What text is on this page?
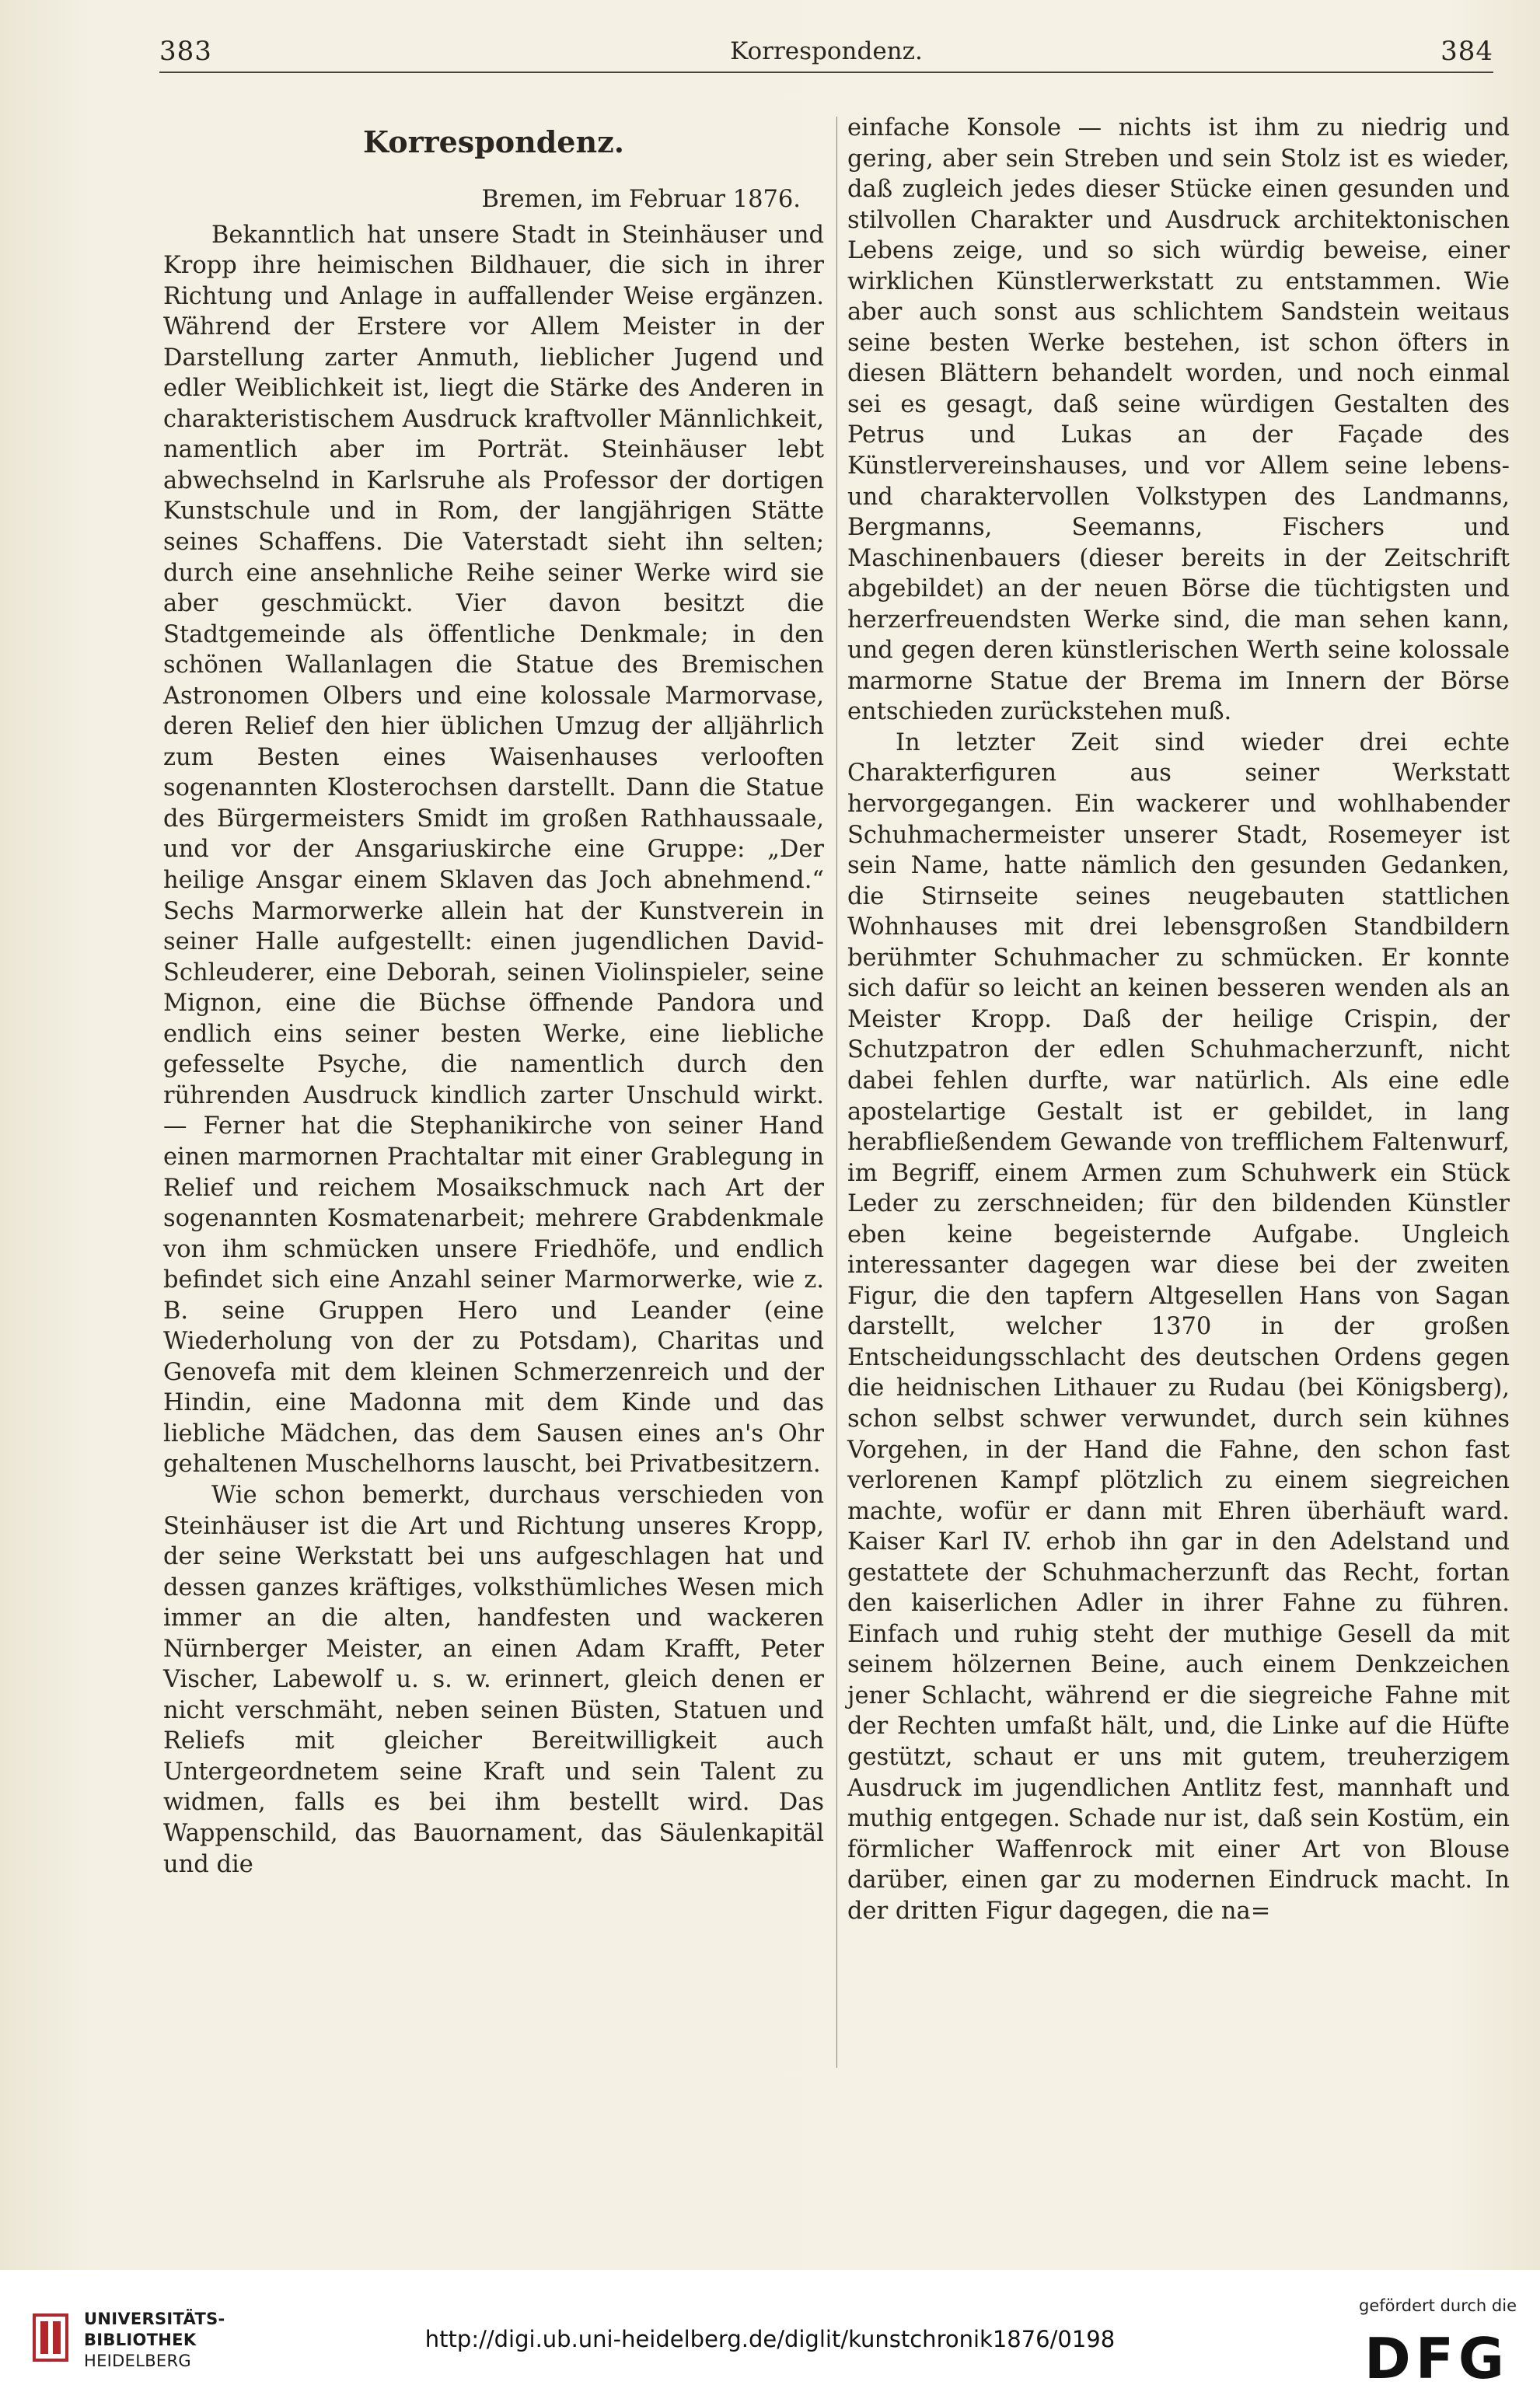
383	Korrespondenz.	384
Korrespondenz.
Bremen, im Februar 1876.

Bekanntlich hat unsere Stadt in Steinhäuser und Kropp ihre heimischen Bildhauer, die sich in ihrer Richtung und Anlage in auffallender Weise ergänzen. Während der Erstere vor Allem Meister in der Darstellung zarter Anmuth, lieblicher Jugend und edler Weiblichkeit ist, liegt die Stärke des Anderen in charakteristischem Ausdruck kraftvoller Männlichkeit, namentlich aber im Porträt. Steinhäuser lebt abwechselnd in Karlsruhe als Professor der dortigen Kunstschule und in Rom, der langjährigen Stätte seines Schaffens. Die Vaterstadt sieht ihn selten; durch eine ansehnliche Reihe seiner Werke wird sie aber geschmückt. Vier davon besitzt die Stadtgemeinde als öffentliche Denkmale; in den schönen Wallanlagen die Statue des Bremischen Astronomen Olbers und eine kolossale Marmorvase, deren Relief den hier üblichen Umzug der alljährlich zum Besten eines Waisenhauses verlooften sogenannten Klosterochsen darstellt. Dann die Statue des Bürgermeisters Smidt im großen Rathhaussaale, und vor der Ansgariuskirche eine Gruppe: „Der heilige Ansgar einem Sklaven das Joch abnehmend.“ Sechs Marmorwerke allein hat der Kunstverein in seiner Halle aufgestellt: einen jugendlichen David-Schleuderer, eine Deborah, seinen Violinspieler, seine Mignon, eine die Büchse öffnende Pandora und endlich eins seiner besten Werke, eine liebliche gefesselte Psyche, die namentlich durch den rührenden Ausdruck kindlich zarter Unschuld wirkt. — Ferner hat die Stephanikirche von seiner Hand einen marmornen Prachtaltar mit einer Grablegung in Relief und reichem Mosaikschmuck nach Art der sogenannten Kosmatenarbeit; mehrere Grabdenkmale von ihm schmücken unsere Friedhöfe, und endlich befindet sich eine Anzahl seiner Marmorwerke, wie z. B. seine Gruppen Hero und Leander (eine Wiederholung von der zu Potsdam), Charitas und Genovefa mit dem kleinen Schmerzenreich und der Hindin, eine Madonna mit dem Kinde und das liebliche Mädchen, das dem Sausen eines an's Ohr gehaltenen Muschelhorns lauscht, bei Privatbesitzern.

Wie schon bemerkt, durchaus verschieden von Steinhäuser ist die Art und Richtung unseres Kropp, der seine Werkstatt bei uns aufgeschlagen hat und dessen ganzes kräftiges, volksthümliches Wesen mich immer an die alten, handfesten und wackeren Nürnberger Meister, an einen Adam Krafft, Peter Vischer, Labewolf u. s. w. erinnert, gleich denen er nicht verschmäht, neben seinen Büsten, Statuen und Reliefs mit gleicher Bereitwilligkeit auch Untergeordnetem seine Kraft und sein Talent zu widmen, falls es bei ihm bestellt wird. Das Wappenschild, das Bauornament, das Säulenkapitäl und die

einfache Konsole — nichts ist ihm zu niedrig und gering, aber sein Streben und sein Stolz ist es wieder, daß zugleich jedes dieser Stücke einen gesunden und stilvollen Charakter und Ausdruck architektonischen Lebens zeige, und so sich würdig beweise, einer wirklichen Künstlerwerkstatt zu entstammen. Wie aber auch sonst aus schlichtem Sandstein weitaus seine besten Werke bestehen, ist schon öfters in diesen Blättern behandelt worden, und noch einmal sei es gesagt, daß seine würdigen Gestalten des Petrus und Lukas an der Façade des Künstlervereinshauses, und vor Allem seine lebens- und charaktervollen Volkstypen des Landmanns, Bergmanns, Seemanns, Fischers und Maschinenbauers (dieser bereits in der Zeitschrift abgebildet) an der neuen Börse die tüchtigsten und herzerfreuendsten Werke sind, die man sehen kann, und gegen deren künstlerischen Werth seine kolossale marmorne Statue der Brema im Innern der Börse entschieden zurückstehen muß.

In letzter Zeit sind wieder drei echte Charakterfiguren aus seiner Werkstatt hervorgegangen. Ein wackerer und wohlhabender Schuhmachermeister unserer Stadt, Rosemeyer ist sein Name, hatte nämlich den gesunden Gedanken, die Stirnseite seines neugebauten stattlichen Wohnhauses mit drei lebensgroßen Standbildern berühmter Schuhmacher zu schmücken. Er konnte sich dafür so leicht an keinen besseren wenden als an Meister Kropp. Daß der heilige Crispin, der Schutzpatron der edlen Schuhmacherzunft, nicht dabei fehlen durfte, war natürlich. Als eine edle apostelartige Gestalt ist er gebildet, in lang herabfließendem Gewande von trefflichem Faltenwurf, im Begriff, einem Armen zum Schuhwerk ein Stück Leder zu zerschneiden; für den bildenden Künstler eben keine begeisternde Aufgabe. Ungleich interessanter dagegen war diese bei der zweiten Figur, die den tapfern Altgesellen Hans von Sagan darstellt, welcher 1370 in der großen Entscheidungsschlacht des deutschen Ordens gegen die heidnischen Lithauer zu Rudau (bei Königsberg), schon selbst schwer verwundet, durch sein kühnes Vorgehen, in der Hand die Fahne, den schon fast verlorenen Kampf plötzlich zu einem siegreichen machte, wofür er dann mit Ehren überhäuft ward. Kaiser Karl IV. erhob ihn gar in den Adelstand und gestattete der Schuhmacherzunft das Recht, fortan den kaiserlichen Adler in ihrer Fahne zu führen. Einfach und ruhig steht der muthige Gesell da mit seinem hölzernen Beine, auch einem Denkzeichen jener Schlacht, während er die siegreiche Fahne mit der Rechten umfaßt hält, und, die Linke auf die Hüfte gestützt, schaut er uns mit gutem, treuherzigem Ausdruck im jugendlichen Antlitz fest, mannhaft und muthig entgegen. Schade nur ist, daß sein Kostüm, ein förmlicher Waffenrock mit einer Art von Blouse darüber, einen gar zu modernen Eindruck macht. In der dritten Figur dagegen, die na=

UNIVERSITÄTS-
BIBLIOTHEK
HEIDELBERG
http://digi.ub.uni-heidelberg.de/diglit/kunstchronik1876/0198
gefördert durch die
DFG
